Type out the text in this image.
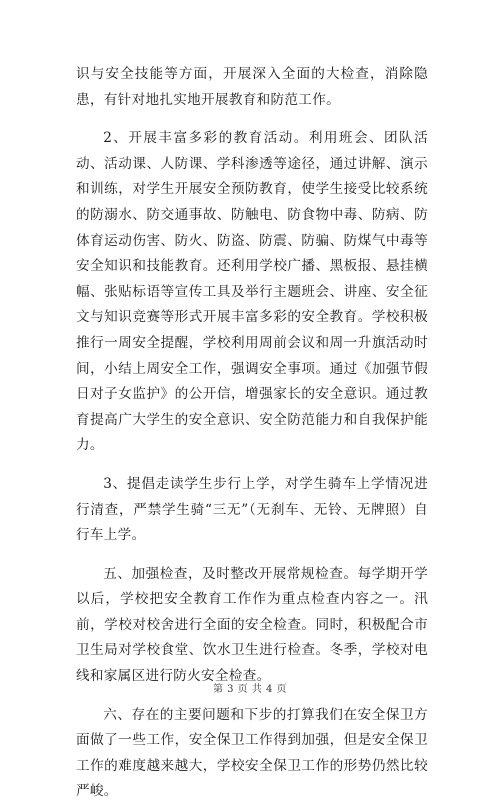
识与安全技能等方面，开展深入全面的大检查，消除隐患，有针对地扎实地开展教育和防范工作。

2、开展丰富多彩的教育活动。利用班会、团队活动、活动课、人防课、学科渗透等途径，通过讲解、演示和训练，对学生开展安全预防教育，使学生接受比较系统的防溺水、防交通事故、防触电、防食物中毒、防病、防体育运动伤害、防火、防盗、防震、防骗、防煤气中毒等安全知识和技能教育。还利用学校广播、黑板报、悬挂横幅、张贴标语等宣传工具及举行主题班会、讲座、安全征文与知识竞赛等形式开展丰富多彩的安全教育。学校积极推行一周安全提醒，学校利用周前会议和周一升旗活动时间，小结上周安全工作，强调安全事项。通过《加强节假日对子女监护》的公开信，增强家长的安全意识。通过教育提高广大学生的安全意识、安全防范能力和自我保护能力。

3、提倡走读学生步行上学，对学生骑车上学情况进行清查，严禁学生骑“三无”（无刹车、无铃、无牌照）自行车上学。

五、加强检查，及时整改开展常规检查。每学期开学以后，学校把安全教育工作作为重点检查内容之一。汛前，学校对校舍进行全面的安全检查。同时，积极配合市卫生局对学校食堂、饮水卫生进行检查。冬季，学校对电线和家属区进行防火安全检查。

六、存在的主要问题和下步的打算我们在安全保卫方面做了一些工作，安全保卫工作得到加强，但是安全保卫工作的难度越来越大，学校安全保卫工作的形势仍然比较严峻。

第 3 页 共 4 页
